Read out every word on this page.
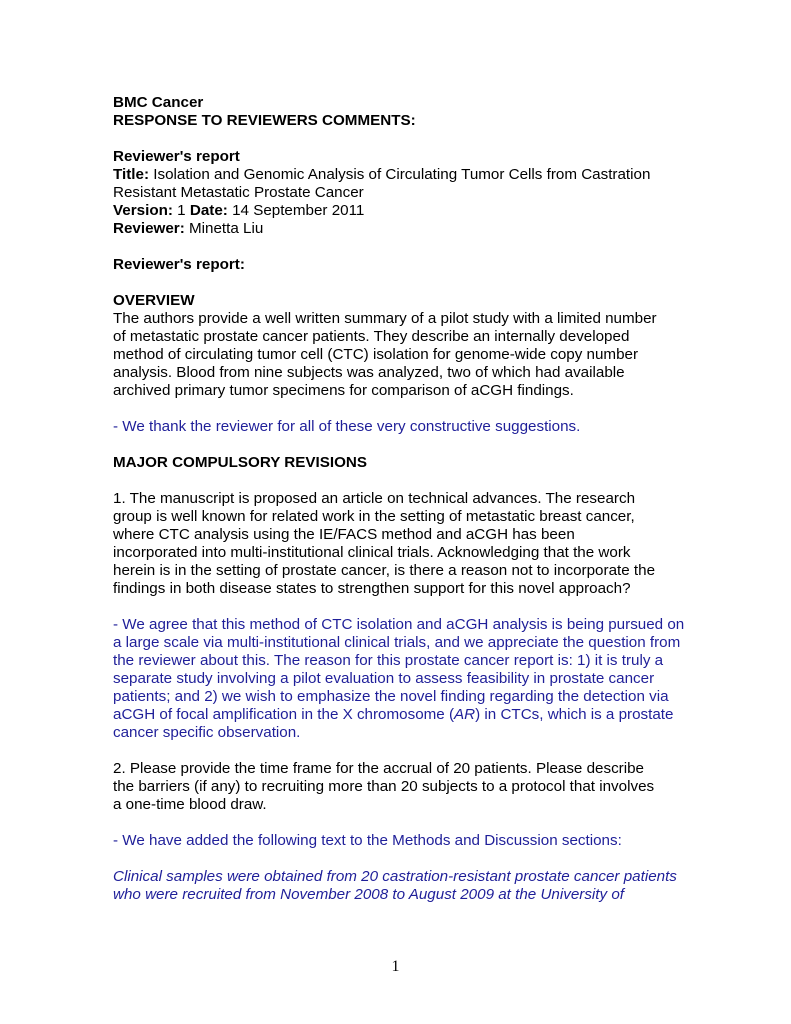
BMC Cancer
RESPONSE TO REVIEWERS COMMENTS:
Reviewer's report
Title: Isolation and Genomic Analysis of Circulating Tumor Cells from Castration
Resistant Metastatic Prostate Cancer
Version: 1 Date: 14 September 2011
Reviewer: Minetta Liu
Reviewer's report:
OVERVIEW
The authors provide a well written summary of a pilot study with a limited number
of metastatic prostate cancer patients. They describe an internally developed
method of circulating tumor cell (CTC) isolation for genome-wide copy number
analysis. Blood from nine subjects was analyzed, two of which had available
archived primary tumor specimens for comparison of aCGH findings.
- We thank the reviewer for all of these very constructive suggestions.
MAJOR COMPULSORY REVISIONS
1. The manuscript is proposed an article on technical advances. The research
group is well known for related work in the setting of metastatic breast cancer,
where CTC analysis using the IE/FACS method and aCGH has been
incorporated into multi-institutional clinical trials. Acknowledging that the work
herein is in the setting of prostate cancer, is there a reason not to incorporate the
findings in both disease states to strengthen support for this novel approach?
- We agree that this method of CTC isolation and aCGH analysis is being pursued on
a large scale via multi-institutional clinical trials, and we appreciate the question from
the reviewer about this. The reason for this prostate cancer report is: 1) it is truly a
separate study involving a pilot evaluation to assess feasibility in prostate cancer
patients; and 2) we wish to emphasize the novel finding regarding the detection via
aCGH of focal amplification in the X chromosome (AR) in CTCs, which is a prostate
cancer specific observation.
2. Please provide the time frame for the accrual of 20 patients. Please describe
the barriers (if any) to recruiting more than 20 subjects to a protocol that involves
a one-time blood draw.
- We have added the following text to the Methods and Discussion sections:
Clinical samples were obtained from 20 castration-resistant prostate cancer patients
who were recruited from November 2008 to August 2009 at the University of
1
